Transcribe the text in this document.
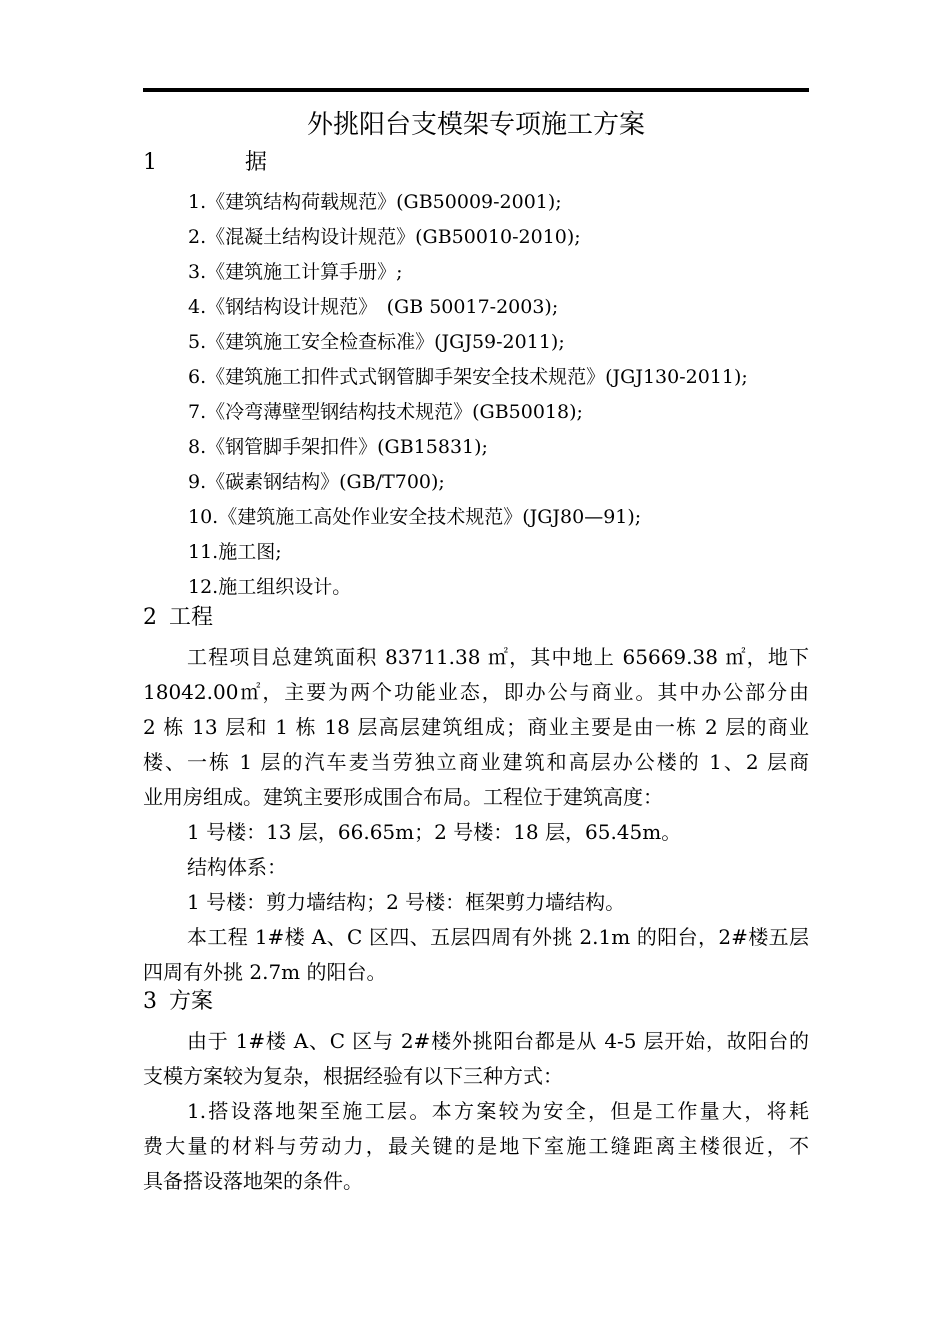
外挑阳台支模架专项施工方案
1	据
1.《建筑结构荷载规范》(GB50009-2001);
2.《混凝土结构设计规范》(GB50010-2010);
3.《建筑施工计算手册》;
4.《钢结构设计规范》　(GB 50017-2003);
5.《建筑施工安全检查标准》(JGJ59-2011);
6.《建筑施工扣件式式钢管脚手架安全技术规范》(JGJ130-2011);
7.《冷弯薄壁型钢结构技术规范》(GB50018);
8.《钢管脚手架扣件》(GB15831);
9.《碳素钢结构》(GB/T700);
10.《建筑施工高处作业安全技术规范》(JGJ80—91);
11.施工图;
12.施工组织设计。
2 工程
工程项目总建筑面积 83711.38 ㎡，其中地上 65669.38 ㎡，地下
18042.00㎡，主要为两个功能业态，即办公与商业。其中办公部分由
2 栋 13 层和 1 栋 18 层高层建筑组成；商业主要是由一栋 2 层的商业
楼、一栋 1 层的汽车麦当劳独立商业建筑和高层办公楼的 1、2 层商
业用房组成。建筑主要形成围合布局。工程位于建筑高度：
1 号楼：13 层，66.65m；2 号楼：18 层，65.45m。
结构体系：
1 号楼：剪力墙结构；2 号楼：框架剪力墙结构。
本工程 1#楼 A、C 区四、五层四周有外挑 2.1m 的阳台，2#楼五层
四周有外挑 2.7m 的阳台。
3 方案
由于 1#楼 A、C 区与 2#楼外挑阳台都是从 4-5 层开始，故阳台的
支模方案较为复杂，根据经验有以下三种方式：
1.搭设落地架至施工层。本方案较为安全，但是工作量大，将耗
费大量的材料与劳动力，最关键的是地下室施工缝距离主楼很近，不
具备搭设落地架的条件。
